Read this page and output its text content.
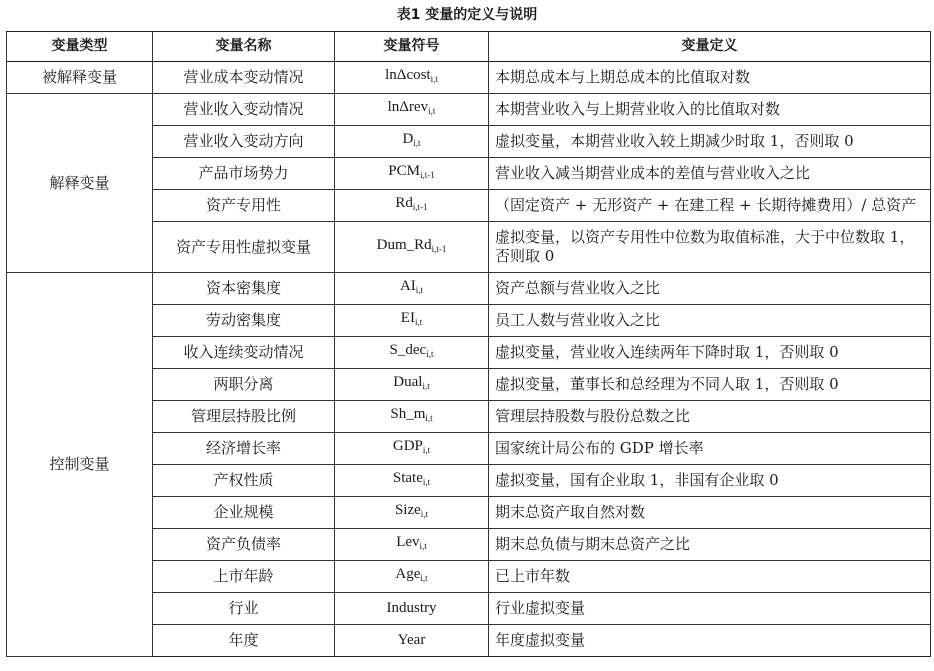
表1 变量的定义与说明
变量类型	变量名称	变量符号	变量定义
被解释变量	营业成本变动情况	lnΔcost$_{i,t}$	本期总成本与上期总成本的比值取对数
解释变量	营业收入变动情况	lnΔrev$_{i,t}$	本期营业收入与上期营业收入的比值取对数
	营业收入变动方向	$D_{i,t}$	虚拟变量，本期营业收入较上期减少时取 1，否则取 0
	产品市场势力	$PCM_{i,t-1}$	营业收入减当期营业成本的差值与营业收入之比
	资产专用性	$Rd_{i,t-1}$	（固定资产 + 无形资产 + 在建工程 + 长期待摊费用）/ 总资产
	资产专用性虚拟变量	$Dum\_Rd_{i,t-1}$	虚拟变量，以资产专用性中位数为取值标准，大于中位数取 1，否则取 0
控制变量	资本密集度	$AI_{i,t}$	资产总额与营业收入之比
	劳动密集度	$EI_{i,t}$	员工人数与营业收入之比
	收入连续变动情况	S_dec$_{i,t}$	虚拟变量，营业收入连续两年下降时取 1，否则取 0
	两职分离	Dual$_{i,t}$	虚拟变量，董事长和总经理为不同人取 1，否则取 0
	管理层持股比例	$Sh\_m_{i,t}$	管理层持股数与股份总数之比
	经济增长率	$GDP_{i,t}$	国家统计局公布的 GDP 增长率
	产权性质	State$_{i,t}$	虚拟变量，国有企业取 1，非国有企业取 0
	企业规模	Size$_{i,t}$	期末总资产取自然对数
	资产负债率	Lev$_{i,t}$	期末总负债与期末总资产之比
	上市年龄	Age$_{i,t}$	已上市年数
	行业	Industry	行业虚拟变量
	年度	Year	年度虚拟变量
